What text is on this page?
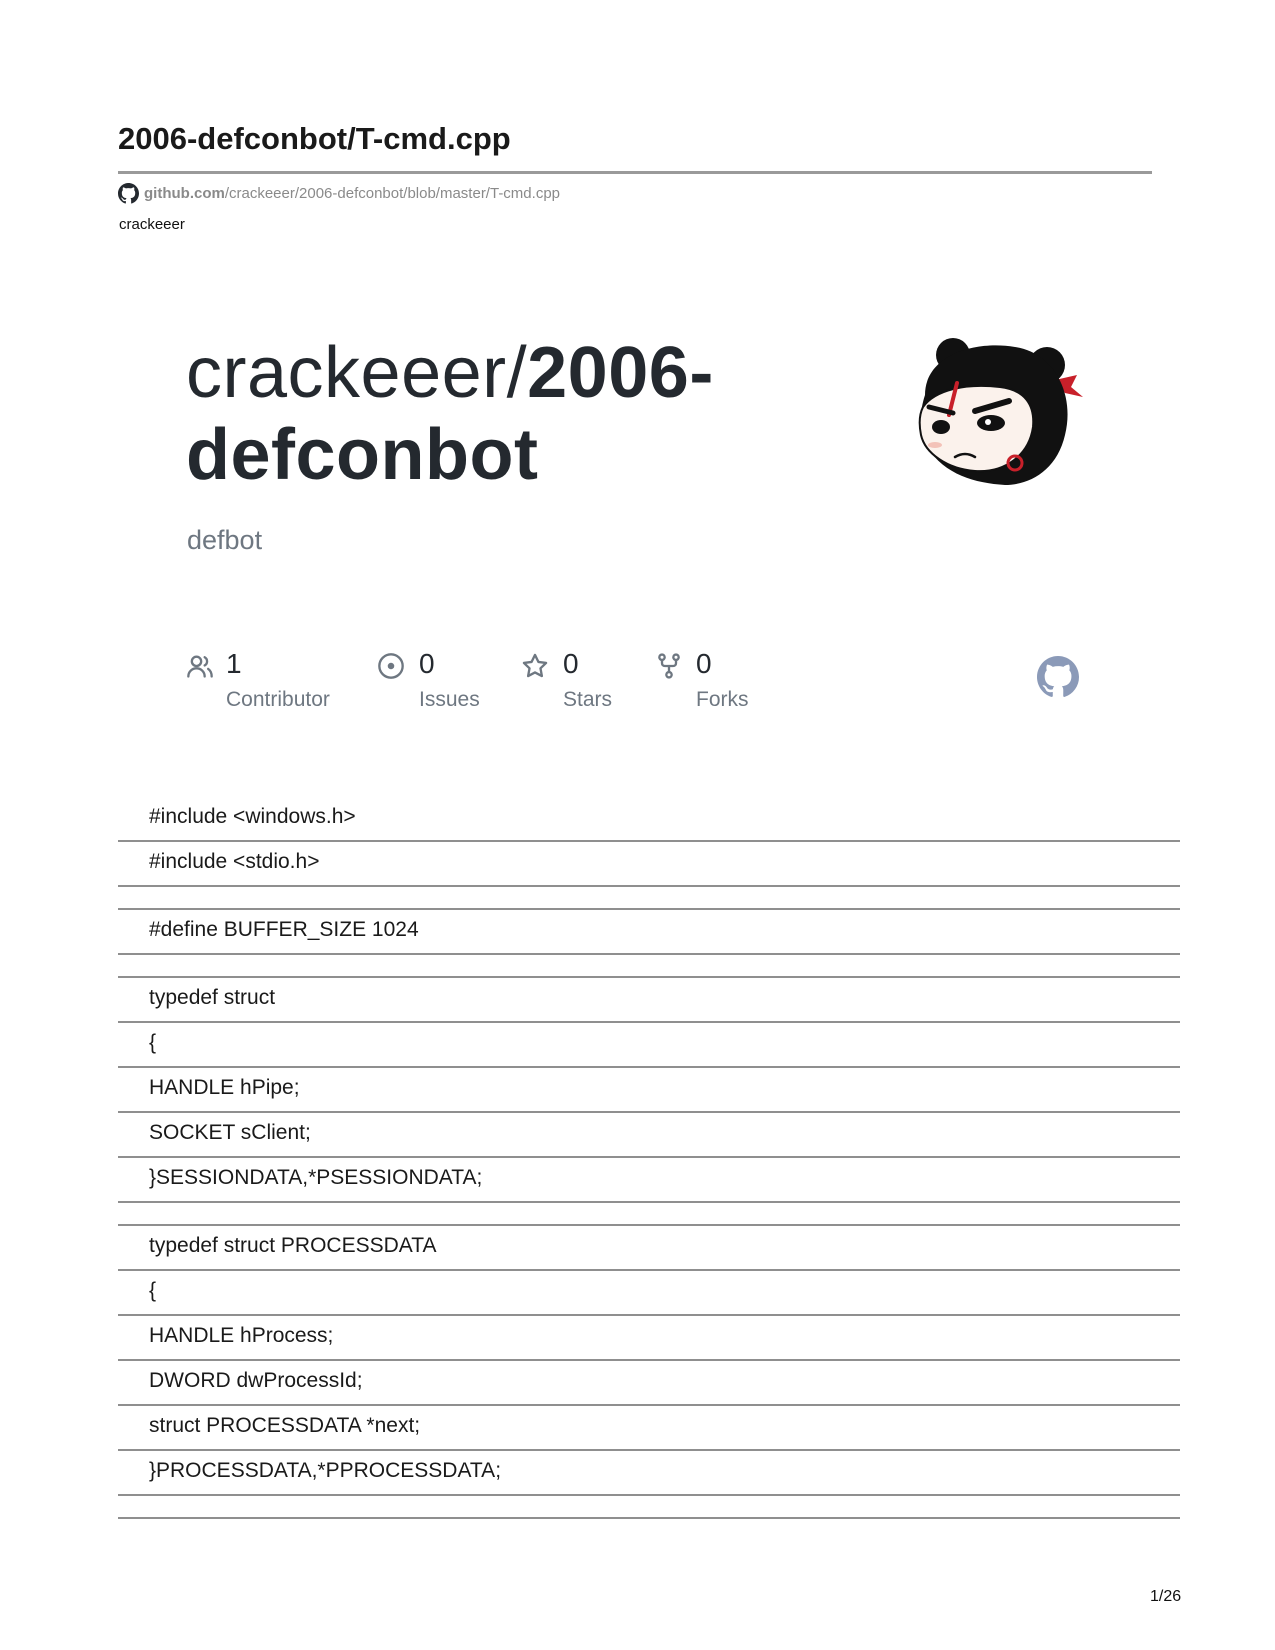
2006-defconbot/T-cmd.cpp
github.com /crackeeer/2006-defconbot/blob/master/T-cmd.cpp
crackeeer
crackeeer/2006-
defconbot
defbot
1
Contributor
0
Issues
0
Stars
0
Forks
#include <windows.h>
#include <stdio.h>
#define BUFFER_SIZE 1024
typedef struct
{
HANDLE hPipe;
SOCKET sClient;
}SESSIONDATA,*PSESSIONDATA;
typedef struct PROCESSDATA
{
HANDLE hProcess;
DWORD dwProcessId;
struct PROCESSDATA *next;
}PROCESSDATA,*PPROCESSDATA;
1/26
